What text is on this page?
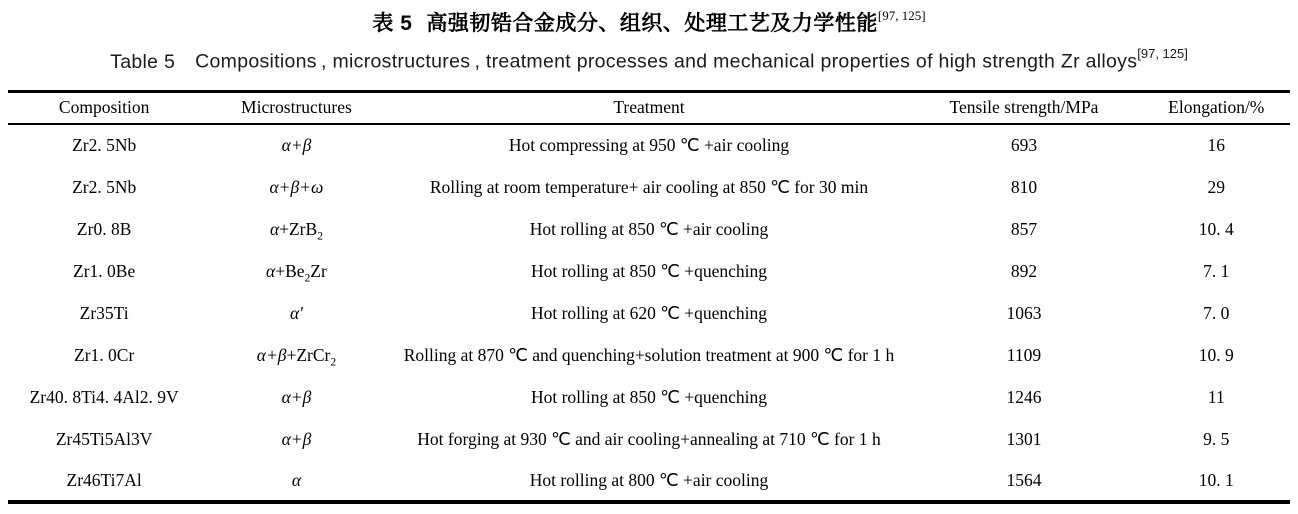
表 5 高强韧锆合金成分、组织、处理工艺及力学性能[97, 125]
Table 5 Compositions , microstructures , treatment processes and mechanical properties of high strength Zr alloys[97, 125]
Composition	Microstructures	Treatment	Tensile strength/MPa	Elongation/%
Zr2. 5Nb	α+β	Hot compressing at 950 ℃ +air cooling	693	16
Zr2. 5Nb	α+β+ω	Rolling at room temperature+ air cooling at 850 ℃ for 30 min	810	29
Zr0. 8B	α+ZrB$_2$	Hot rolling at 850 ℃ +air cooling	857	10. 4
Zr1. 0Be	$\alpha+Be_2Zr$	Hot rolling at 850 ℃ +quenching	892	7. 1
Zr35Ti	α′	Hot rolling at 620 ℃ +quenching	1063	7. 0
Zr1. 0Cr	α+β+ZrCr$_2$	Rolling at 870 ℃ and quenching+solution treatment at 900 ℃ for 1 h	1109	10. 9
Zr40. 8Ti4. 4Al2. 9V	α+β	Hot rolling at 850 ℃ +quenching	1246	11
Zr45Ti5Al3V	α+β	Hot forging at 930 ℃ and air cooling+annealing at 710 ℃ for 1 h	1301	9. 5
Zr46Ti7Al	α	Hot rolling at 800 ℃ +air cooling	1564	10. 1
